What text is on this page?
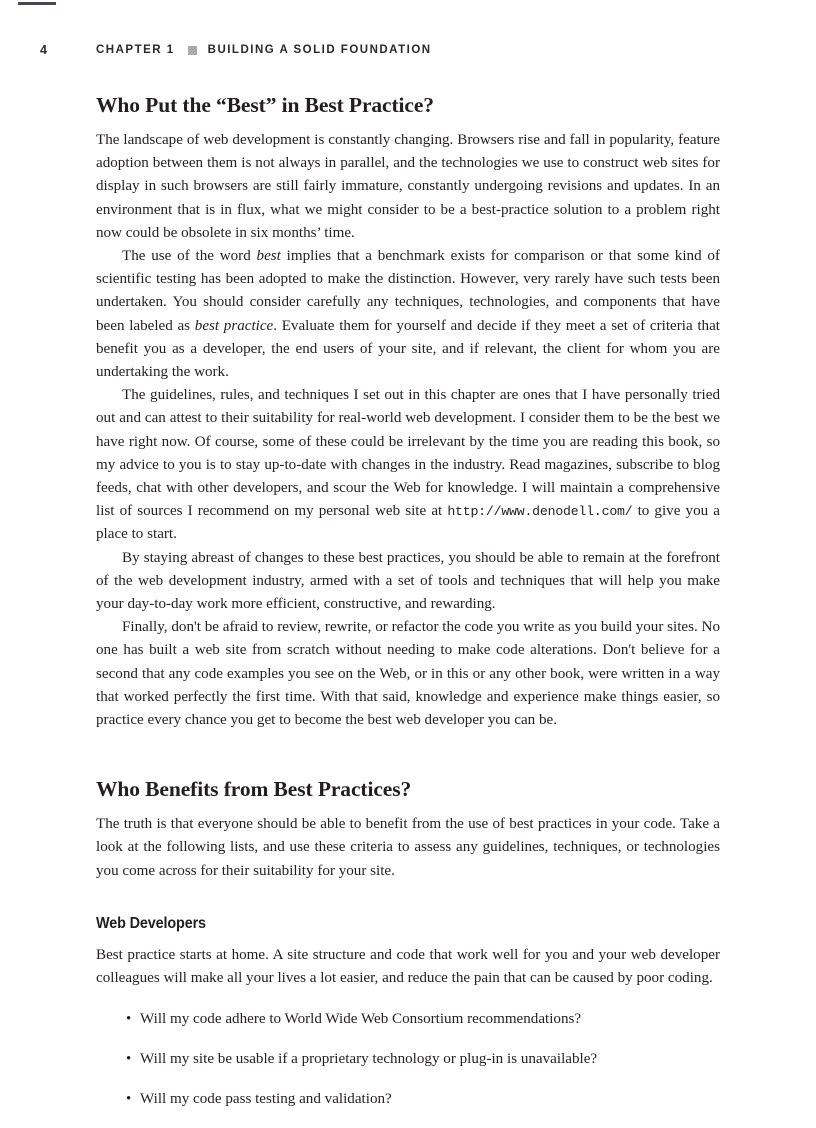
4	CHAPTER 1	BUILDING A SOLID FOUNDATION
Who Put the “Best” in Best Practice?

The landscape of web development is constantly changing. Browsers rise and fall in popularity, feature adoption between them is not always in parallel, and the technologies we use to construct web sites for display in such browsers are still fairly immature, constantly undergoing revisions and updates. In an environment that is in flux, what we might consider to be a best-practice solution to a problem right now could be obsolete in six months’ time.

The use of the word best implies that a benchmark exists for comparison or that some kind of scientific testing has been adopted to make the distinction. However, very rarely have such tests been undertaken. You should consider carefully any techniques, technologies, and components that have been labeled as best practice. Evaluate them for yourself and decide if they meet a set of criteria that benefit you as a developer, the end users of your site, and if relevant, the client for whom you are undertaking the work.

The guidelines, rules, and techniques I set out in this chapter are ones that I have personally tried out and can attest to their suitability for real-world web development. I consider them to be the best we have right now. Of course, some of these could be irrelevant by the time you are reading this book, so my advice to you is to stay up-to-date with changes in the industry. Read magazines, subscribe to blog feeds, chat with other developers, and scour the Web for knowledge. I will maintain a comprehensive list of sources I recommend on my personal web site at http://www.denodell.com/ to give you a place to start.

By staying abreast of changes to these best practices, you should be able to remain at the forefront of the web development industry, armed with a set of tools and techniques that will help you make your day-to-day work more efficient, constructive, and rewarding.

Finally, don't be afraid to review, rewrite, or refactor the code you write as you build your sites. No one has built a web site from scratch without needing to make code alterations. Don't believe for a second that any code examples you see on the Web, or in this or any other book, were written in a way that worked perfectly the first time. With that said, knowledge and experience make things easier, so practice every chance you get to become the best web developer you can be.

Who Benefits from Best Practices?

The truth is that everyone should be able to benefit from the use of best practices in your code. Take a look at the following lists, and use these criteria to assess any guidelines, techniques, or technologies you come across for their suitability for your site.

Web Developers

Best practice starts at home. A site structure and code that work well for you and your web developer colleagues will make all your lives a lot easier, and reduce the pain that can be caused by poor coding.

• Will my code adhere to World Wide Web Consortium recommendations?
• Will my site be usable if a proprietary technology or plug-in is unavailable?
• Will my code pass testing and validation?
